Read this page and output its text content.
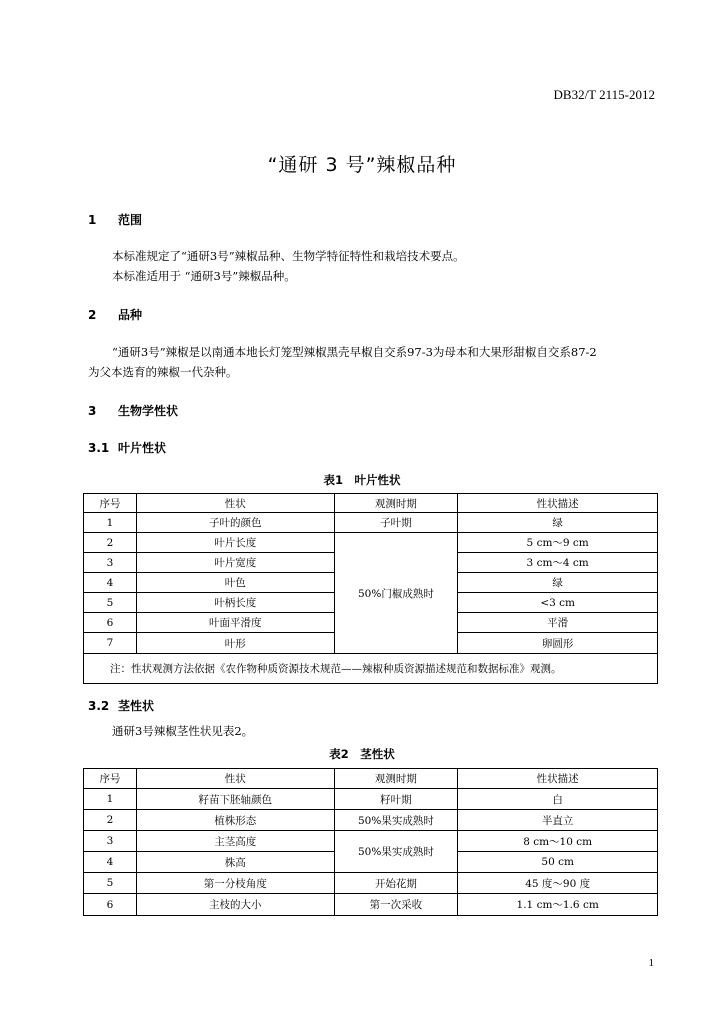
DB32/T 2115-2012
“通研 3 号”辣椒品种
1 范围
本标准规定了“通研3号”辣椒品种、生物学特征特性和栽培技术要点。
本标准适用于 “通研3号”辣椒品种。
2 品种
“通研3号”辣椒是以南通本地长灯笼型辣椒黑壳早椒自交系97-3为母本和大果形甜椒自交系87-2
为父本选育的辣椒一代杂种。
3 生物学性状
3.1 叶片性状
表1　叶片性状
序号	性状	观测时期	性状描述
1	子叶的颜色	子叶期	绿
2	叶片长度	50%门椒成熟时	5 cm～9 cm
3	叶片宽度		3 cm～4 cm
4	叶色		绿
5	叶柄长度		<3 cm
6	叶面平滑度		平滑
7	叶形		卵圆形
注：性状观测方法依据《农作物种质资源技术规范——辣椒种质资源描述规范和数据标准》观测。			
3.2 茎性状
通研3号辣椒茎性状见表2。
表2　茎性状
序号	性状	观测时期	性状描述
1	籽苗下胚轴颜色	籽叶期	白
2	植株形态	50%果实成熟时	半直立
3	主茎高度	50%果实成熟时	8 cm～10 cm
4	株高		50 cm
5	第一分枝角度	开始花期	45 度～90 度
6	主枝的大小	第一次采收	1.1 cm～1.6 cm
1
